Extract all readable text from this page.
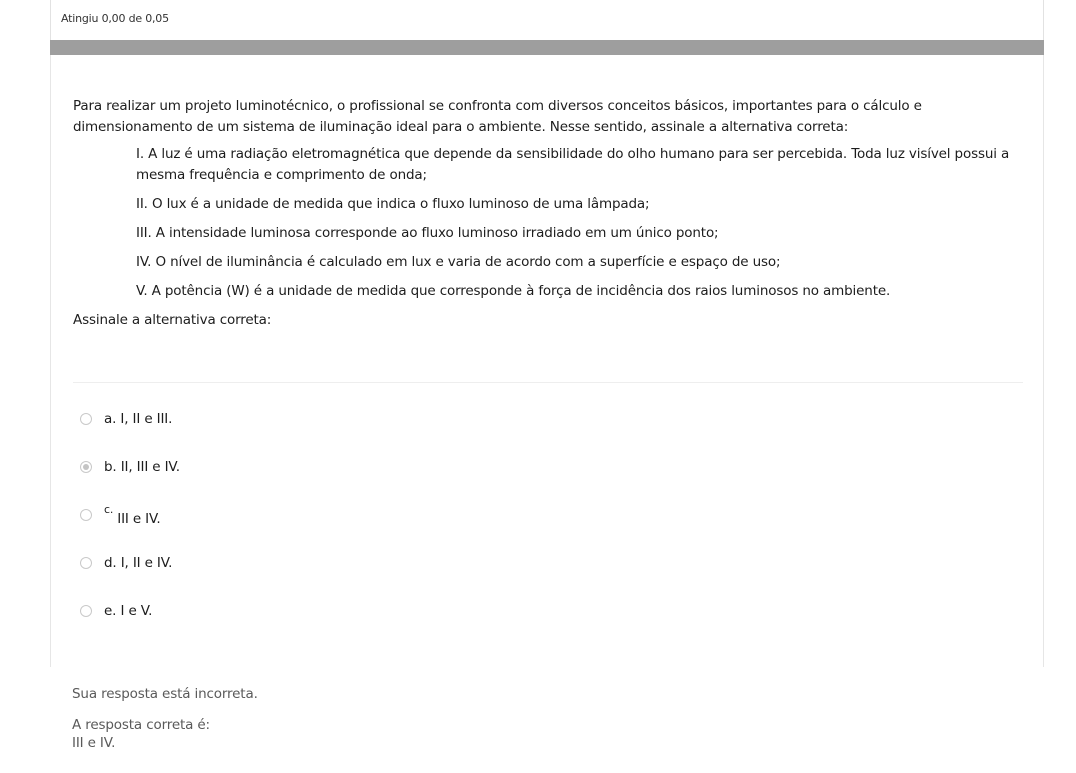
Atingiu 0,00 de 0,05

Para realizar um projeto luminotécnico, o profissional se confronta com diversos conceitos básicos, importantes para o cálculo e dimensionamento de um sistema de iluminação ideal para o ambiente. Nesse sentido, assinale a alternativa correta:

I. A luz é uma radiação eletromagnética que depende da sensibilidade do olho humano para ser percebida. Toda luz visível possui a mesma frequência e comprimento de onda;
II. O lux é a unidade de medida que indica o fluxo luminoso de uma lâmpada;
III. A intensidade luminosa corresponde ao fluxo luminoso irradiado em um único ponto;
IV. O nível de iluminância é calculado em lux e varia de acordo com a superfície e espaço de uso;
V. A potência (W) é a unidade de medida que corresponde à força de incidência dos raios luminosos no ambiente.

Assinale a alternativa correta:

a. I, II e III.
b. II, III e IV.
$^{c.}$III e IV.
d. I, II e IV.
e. I e V.

Sua resposta está incorreta.

A resposta correta é:

III e IV.
